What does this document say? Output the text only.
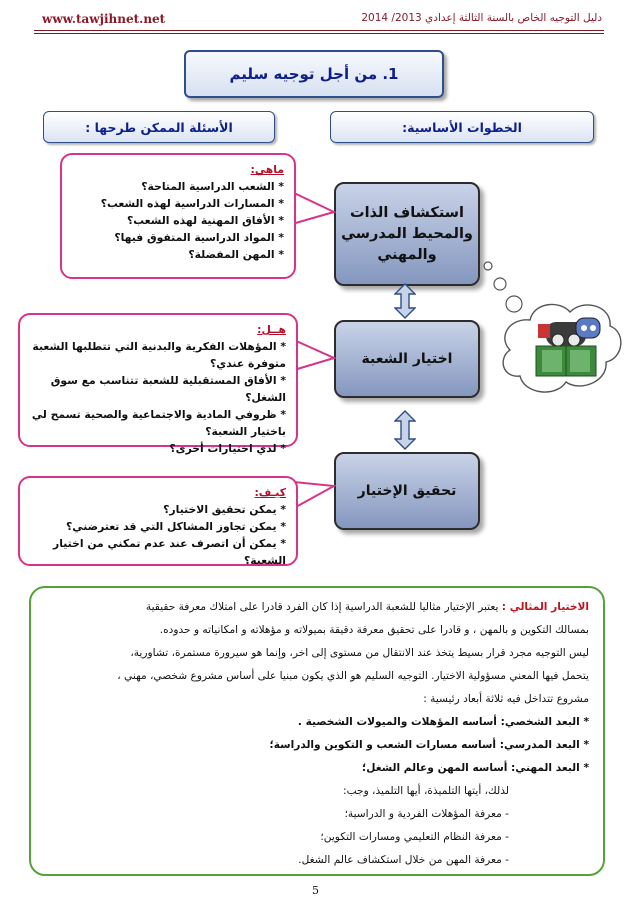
www.tawjihnet.net	دليل التوجيه الخاص بالسنة الثالثة إعدادي 2013/ 2014
1. من أجل توجيه سليم
الأسئلة الممكن طرحها :	الخطوات الأساسية:
استكشاف الذات
والمحيط المدرسي
والمهني
اختيار الشعبة
تحقيق الإختيار
ماهي:
* الشعب الدراسية المتاحة؟
* المسارات الدراسية لهذه الشعب؟
* الأفاق المهنية لهذه الشعب؟
* المواد الدراسية المتفوق فيها؟
* المهن المفضلة؟
هــل:
* المؤهلات الفكرية والبدنية التي تتطلبها الشعبة
متوفرة عندي؟
* الأفاق المستقبلية للشعبة تتناسب مع سوق الشغل؟
* ظروفي المادية والاجتماعية والصحية تسمح لي
باختيار الشعبة؟
* لدي اختيارات أخرى؟
كيـف:
* يمكن تحقيق الاختيار؟
* يمكن تجاوز المشاكل التي قد تعترضني؟
* يمكن أن اتصرف عند عدم تمكني من اختيار الشعبة؟

الاختيار المثالي : يعتبر الإختيار مثاليا للشعبة الدراسية إذا كان الفرد قادرا على امتلاك معرفة حقيقية

بمسالك التكوين و بالمهن ، و قادرا على تحقيق معرفة دقيقة بميولاته و مؤهلاته و امكانياته و حدوده.

ليس التوجيه مجرد قرار بسيط يتخذ عند الانتقال من مستوى إلى اخر، وإنما هو سيرورة مستمرة، تشاورية،

يتحمل فيها المعني مسؤولية الاختيار. التوجيه السليم هو الذي يكون مبنيا على أساس مشروع شخصي، مهني ،

مشروع تتداخل فيه ثلاثة أبعاد رئيسية :

* البعد الشخصي: أساسه المؤهلات والميولات الشخصية .

* البعد المدرسي: أساسه مسارات الشعب و التكوين والدراسة؛

* البعد المهني: أساسه المهن وعالم الشغل؛

لذلك، أيتها التلميذة، أيها التلميذ، وجب:

- معرفة المؤهلات الفردية و الدراسية؛

- معرفة النظام التعليمي ومسارات التكوين؛

- معرفة المهن من خلال استكشاف عالم الشغل.

5
